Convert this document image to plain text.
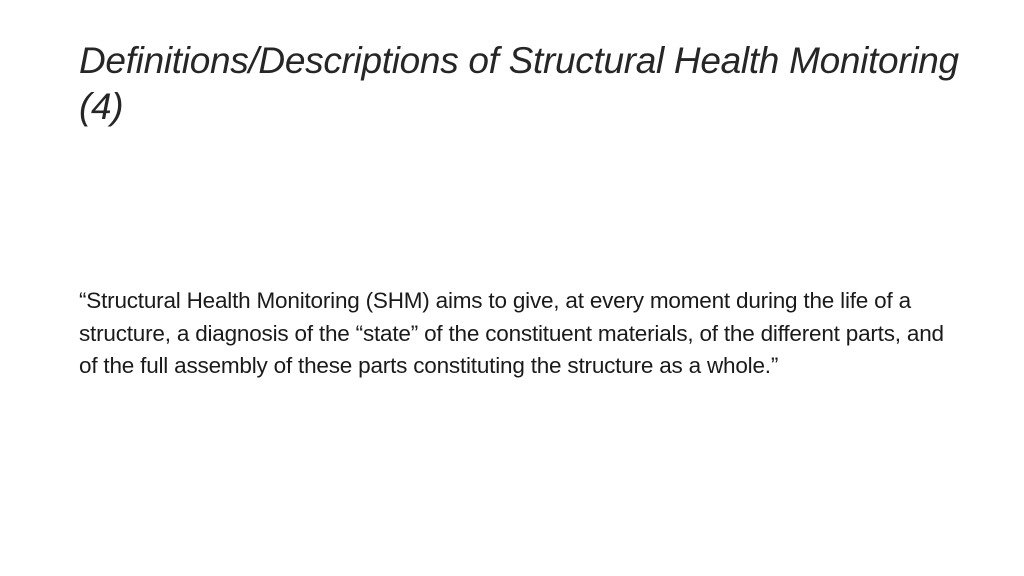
Definitions/Descriptions of Structural Health Monitoring (4)

“Structural Health Monitoring (SHM) aims to give, at every moment during the life of a structure, a diagnosis of the “state” of the constituent materials, of the different parts, and of the full assembly of these parts constituting the structure as a whole.”
